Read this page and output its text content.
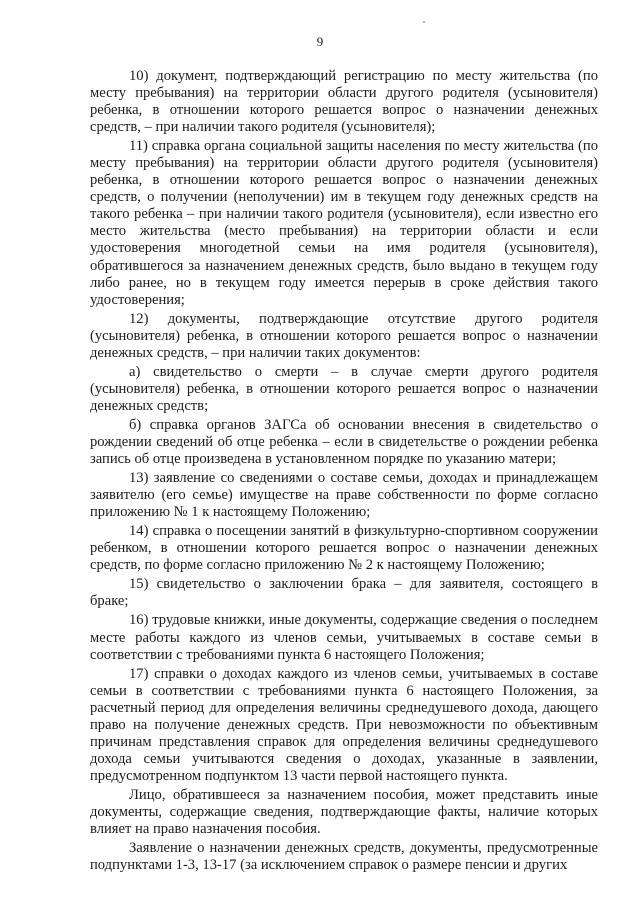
9

10) документ, подтверждающий регистрацию по месту жительства (по месту пребывания) на территории области другого родителя (усыновителя) ребенка, в отношении которого решается вопрос о назначении денежных средств, – при наличии такого родителя (усыновителя);

11) справка органа социальной защиты населения по месту жительства (по месту пребывания) на территории области другого родителя (усыновителя) ребенка, в отношении которого решается вопрос о назначении денежных средств, о получении (неполучении) им в текущем году денежных средств на такого ребенка – при наличии такого родителя (усыновителя), если известно его место жительства (место пребывания) на территории области и если удостоверения многодетной семьи на имя родителя (усыновителя), обратившегося за назначением денежных средств, было выдано в текущем году либо ранее, но в текущем году имеется перерыв в сроке действия такого удостоверения;

12) документы, подтверждающие отсутствие другого родителя (усыновителя) ребенка, в отношении которого решается вопрос о назначении денежных средств, – при наличии таких документов:

а) свидетельство о смерти – в случае смерти другого родителя (усыновителя) ребенка, в отношении которого решается вопрос о назначении денежных средств;

б) справка органов ЗАГСа об основании внесения в свидетельство о рождении сведений об отце ребенка – если в свидетельстве о рождении ребенка запись об отце произведена в установленном порядке по указанию матери;

13) заявление со сведениями о составе семьи, доходах и принадлежащем заявителю (его семье) имуществе на праве собственности по форме согласно приложению № 1 к настоящему Положению;

14) справка о посещении занятий в физкультурно-спортивном сооружении ребенком, в отношении которого решается вопрос о назначении денежных средств, по форме согласно приложению № 2 к настоящему Положению;

15) свидетельство о заключении брака – для заявителя, состоящего в браке;

16) трудовые книжки, иные документы, содержащие сведения о последнем месте работы каждого из членов семьи, учитываемых в составе семьи в соответствии с требованиями пункта 6 настоящего Положения;

17) справки о доходах каждого из членов семьи, учитываемых в составе семьи в соответствии с требованиями пункта 6 настоящего Положения, за расчетный период для определения величины среднедушевого дохода, дающего право на получение денежных средств. При невозможности по объективным причинам представления справок для определения величины среднедушевого дохода семьи учитываются сведения о доходах, указанные в заявлении, предусмотренном подпунктом 13 части первой настоящего пункта.

Лицо, обратившееся за назначением пособия, может представить иные документы, содержащие сведения, подтверждающие факты, наличие которых влияет на право назначения пособия.

Заявление о назначении денежных средств, документы, предусмотренные подпунктами 1-3, 13-17 (за исключением справок о размере пенсии и других
